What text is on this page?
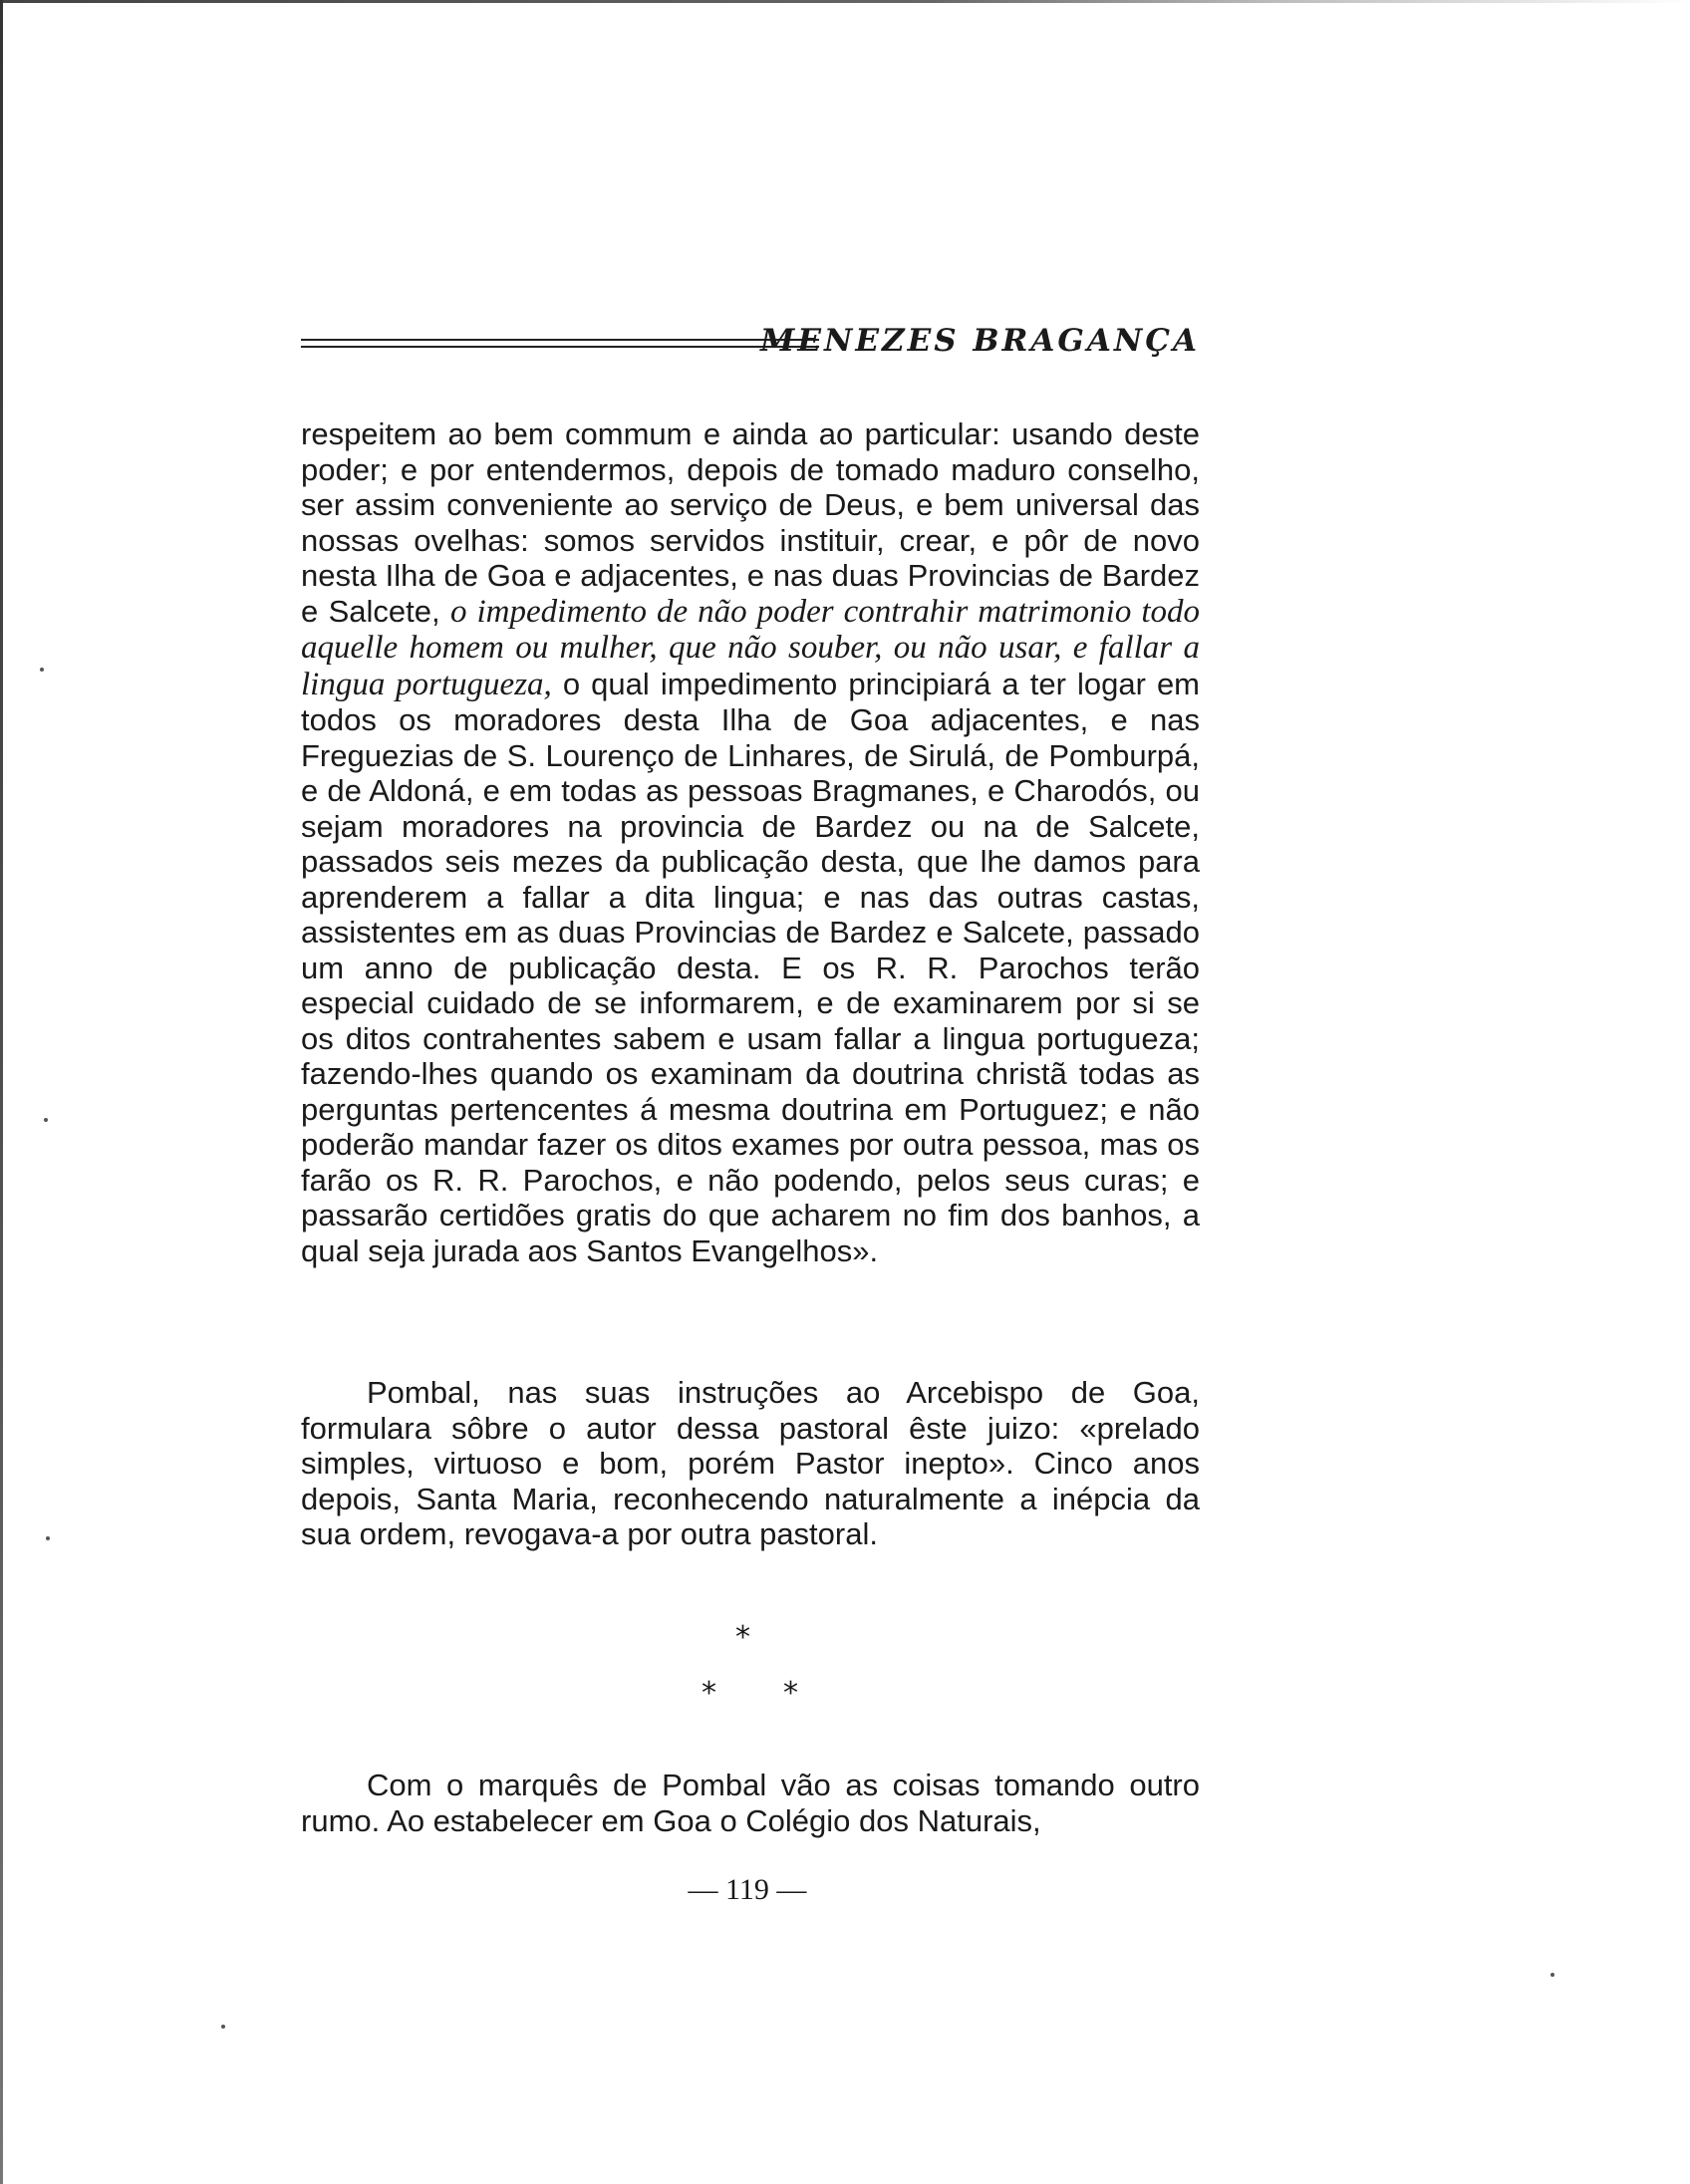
MENEZES BRAGANÇA
respeitem ao bem commum e ainda ao particular: usando deste poder; e por entendermos, depois de tomado maduro conselho, ser assim conveniente ao serviço de Deus, e bem universal das nossas ovelhas: somos servidos instituir, crear, e pôr de novo nesta Ilha de Goa e adjacentes, e nas duas Provincias de Bardez e Salcete, o impedimento de não poder contrahir matrimonio todo aquelle homem ou mulher, que não souber, ou não usar, e fallar a lingua portugueza, o qual impedimento principiará a ter logar em todos os moradores desta Ilha de Goa adjacentes, e nas Freguezias de S. Lourenço de Linhares, de Sirulá, de Pomburpá, e de Aldoná, e em todas as pessoas Bragmanes, e Charodós, ou sejam moradores na provincia de Bardez ou na de Salcete, passados seis mezes da publicação desta, que lhe damos para aprenderem a fallar a dita lingua; e nas das outras castas, assistentes em as duas Provincias de Bardez e Salcete, passado um anno de publicação desta. E os R. R. Parochos terão especial cuidado de se informarem, e de examinarem por si se os ditos contrahentes sabem e usam fallar a lingua portugueza; fazendo-lhes quando os examinam da doutrina christã todas as perguntas pertencentes á mesma doutrina em Portuguez; e não poderão mandar fazer os ditos exames por outra pessoa, mas os farão os R. R. Parochos, e não podendo, pelos seus curas; e passarão certidões gratis do que acharem no fim dos banhos, a qual seja jurada aos Santos Evangelhos».
Pombal, nas suas instruções ao Arcebispo de Goa, formulara sôbre o autor dessa pastoral êste juizo: «prelado simples, virtuoso e bom, porém Pastor inepto». Cinco anos depois, Santa Maria, reconhecendo naturalmente a inépcia da sua ordem, revogava-a por outra pastoral.
*
* *
Com o marquês de Pombal vão as coisas tomando outro rumo. Ao estabelecer em Goa o Colégio dos Naturais,
— 119 —
